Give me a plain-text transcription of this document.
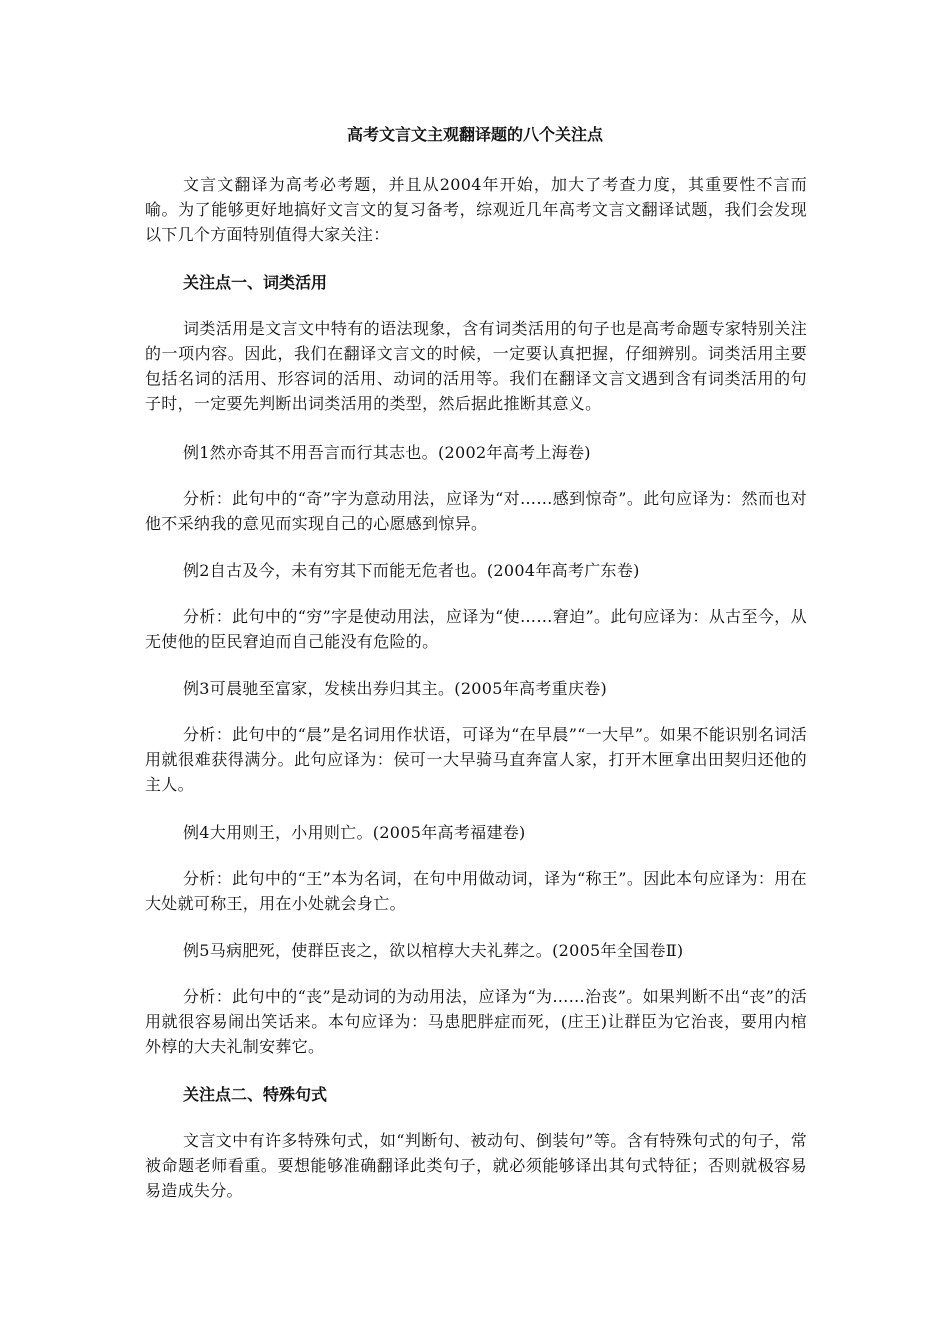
高考文言文主观翻译题的八个关注点

文言文翻译为高考必考题，并且从2004年开始，加大了考查力度，其重要性不言而喻。为了能够更好地搞好文言文的复习备考，综观近几年高考文言文翻译试题，我们会发现以下几个方面特别值得大家关注：

关注点一、词类活用

词类活用是文言文中特有的语法现象，含有词类活用的句子也是高考命题专家特别关注的一项内容。因此，我们在翻译文言文的时候，一定要认真把握，仔细辨别。词类活用主要包括名词的活用、形容词的活用、动词的活用等。我们在翻译文言文遇到含有词类活用的句子时，一定要先判断出词类活用的类型，然后据此推断其意义。

例1然亦奇其不用吾言而行其志也。(2002年高考上海卷)

分析：此句中的“奇”字为意动用法，应译为“对……感到惊奇”。此句应译为：然而也对他不采纳我的意见而实现自己的心愿感到惊异。

例2自古及今，未有穷其下而能无危者也。(2004年高考广东卷)

分析：此句中的“穷”字是使动用法，应译为“使……窘迫”。此句应译为：从古至今，从无使他的臣民窘迫而自己能没有危险的。

例3可晨驰至富家，发椟出券归其主。(2005年高考重庆卷)

分析：此句中的“晨”是名词用作状语，可译为“在早晨”“一大早”。如果不能识别名词活用就很难获得满分。此句应译为：侯可一大早骑马直奔富人家，打开木匣拿出田契归还他的主人。

例4大用则王，小用则亡。(2005年高考福建卷)

分析：此句中的“王”本为名词，在句中用做动词，译为“称王”。因此本句应译为：用在大处就可称王，用在小处就会身亡。

例5马病肥死，使群臣丧之，欲以棺椁大夫礼葬之。(2005年全国卷Ⅱ)

分析：此句中的“丧”是动词的为动用法，应译为“为……治丧”。如果判断不出“丧”的活用就很容易闹出笑话来。本句应译为：马患肥胖症而死，(庄王)让群臣为它治丧，要用内棺外椁的大夫礼制安葬它。

关注点二、特殊句式

文言文中有许多特殊句式，如“判断句、被动句、倒装句”等。含有特殊句式的句子，常被命题老师看重。要想能够准确翻译此类句子，就必须能够译出其句式特征；否则就极容易易造成失分。
